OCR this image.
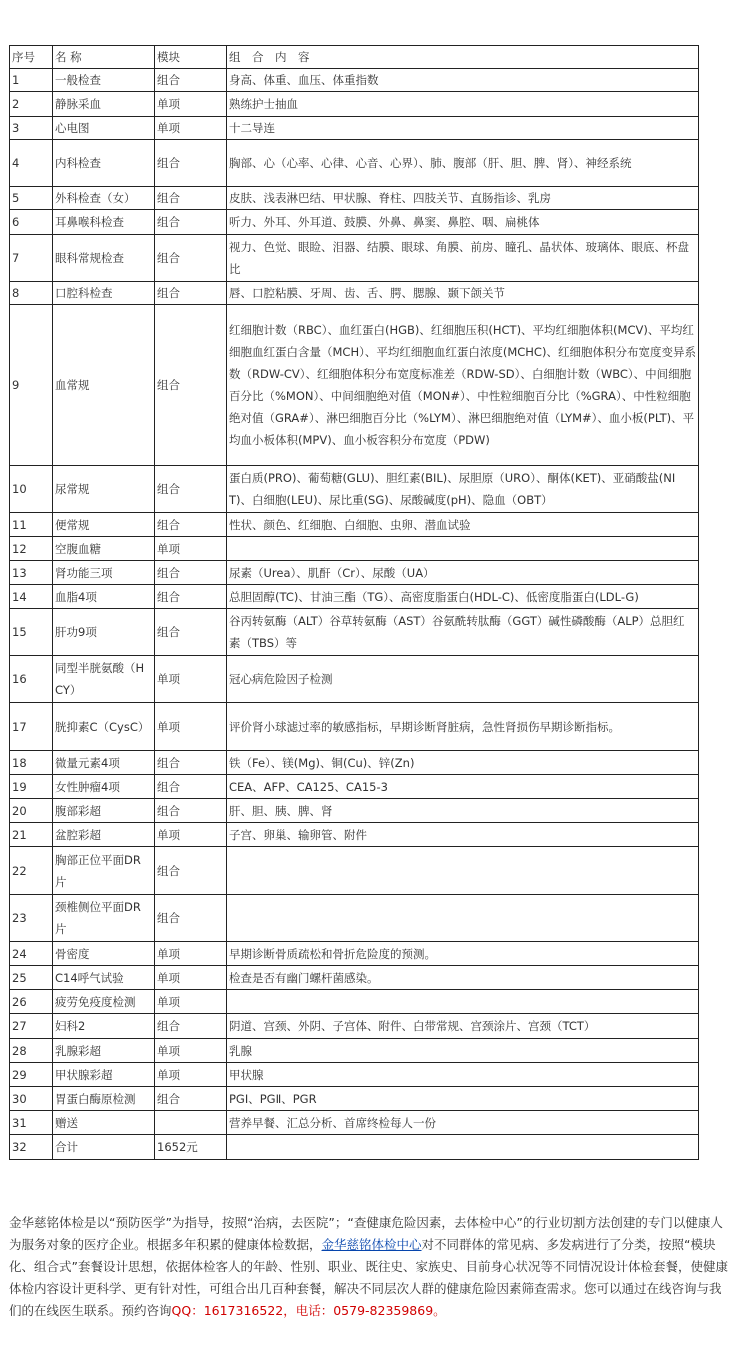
序号	名 称	模块	组　合　内　容
1	一般检查	组合	身高、体重、血压、体重指数
2	静脉采血	单项	熟练护士抽血
3	心电图	单项	十二导连
4	内科检查	组合	胸部、心（心率、心律、心音、心界）、肺、腹部（肝、胆、脾、肾）、神经系统
5	外科检查（女）	组合	皮肤、浅表淋巴结、甲状腺、脊柱、四肢关节、直肠指诊、乳房
6	耳鼻喉科检查	组合	听力、外耳、外耳道、鼓膜、外鼻、鼻窦、鼻腔、咽、扁桃体
7	眼科常规检查	组合	视力、色觉、眼睑、泪器、结膜、眼球、角膜、前房、瞳孔、晶状体、玻璃体、眼底、杯盘比
8	口腔科检查	组合	唇、口腔粘膜、牙周、齿、舌、腭、腮腺、颞下颌关节
9	血常规	组合	红细胞计数（RBC）、血红蛋白(HGB)、红细胞压积(HCT)、平均红细胞体积(MCV)、平均红细胞血红蛋白含量（MCH）、平均红细胞血红蛋白浓度(MCHC)、红细胞体积分布宽度变异系数（RDW-CV）、红细胞体积分布宽度标准差（RDW-SD）、白细胞计数（WBC）、中间细胞百分比（%MON）、中间细胞绝对值（MON#）、中性粒细胞百分比（%GRA）、中性粒细胞绝对值（GRA#）、淋巴细胞百分比（%LYM）、淋巴细胞绝对值（LYM#）、血小板(PLT)、平均血小板体积(MPV)、血小板容积分布宽度（PDW)
10	尿常规	组合	蛋白质(PRO)、葡萄糖(GLU)、胆红素(BIL)、尿胆原（URO）、酮体(KET)、亚硝酸盐(NIT)、白细胞(LEU)、尿比重(SG)、尿酸碱度(pH)、隐血（OBT）
11	便常规	组合	性状、颜色、红细胞、白细胞、虫卵、潜血试验
12	空腹血糖	单项	
13	肾功能三项	组合	尿素（Urea）、肌酐（Cr）、尿酸（UA）
14	血脂4项	组合	总胆固醇(TC)、甘油三酯（TG）、高密度脂蛋白(HDL-C)、低密度脂蛋白(LDL-G)
15	肝功9项	组合	谷丙转氨酶（ALT）谷草转氨酶（AST）谷氨酰转肽酶（GGT）碱性磷酸酶（ALP）总胆红素（TBS）等
16	同型半胱氨酸（HCY）	单项	冠心病危险因子检测
17	胱抑素C（CysC）	单项	评价肾小球滤过率的敏感指标，早期诊断肾脏病，急性肾损伤早期诊断指标。
18	微量元素4项	组合	铁（Fe）、镁(Mg)、铜(Cu)、锌(Zn)
19	女性肿瘤4项	组合	CEA、AFP、CA125、CA15-3
20	腹部彩超	组合	肝、胆、胰、脾、肾
21	盆腔彩超	单项	子宫、卵巢、输卵管、附件
22	胸部正位平面DR片	组合	
23	颈椎侧位平面DR片	组合	
24	骨密度	单项	早期诊断骨质疏松和骨折危险度的预测。
25	C14呼气试验	单项	检查是否有幽门螺杆菌感染。
26	疲劳免疫度检测	单项	
27	妇科2	组合	阴道、宫颈、外阴、子宫体、附件、白带常规、宫颈涂片、宫颈（TCT）
28	乳腺彩超	单项	乳腺
29	甲状腺彩超	单项	甲状腺
30	胃蛋白酶原检测	组合	PGⅠ、PGⅡ、PGR
31	赠送		营养早餐、汇总分析、首席终检每人一份
32	合计	1652元	

金华慈铭体检是以“预防医学”为指导，按照“治病，去医院”；“查健康危险因素，去体检中心”的行业切割方法创建的专门以健康人为服务对象的医疗企业。根据多年积累的健康体检数据，金华慈铭体检中心对不同群体的常见病、多发病进行了分类，按照“模块化、组合式”套餐设计思想，依据体检客人的年龄、性别、职业、既往史、家族史、目前身心状况等不同情况设计体检套餐，使健康体检内容设计更科学、更有针对性，可组合出几百种套餐，解决不同层次人群的健康危险因素筛查需求。您可以通过在线咨询与我们的在线医生联系。预约咨询QQ：1617316522，电话：0579-82359869。
